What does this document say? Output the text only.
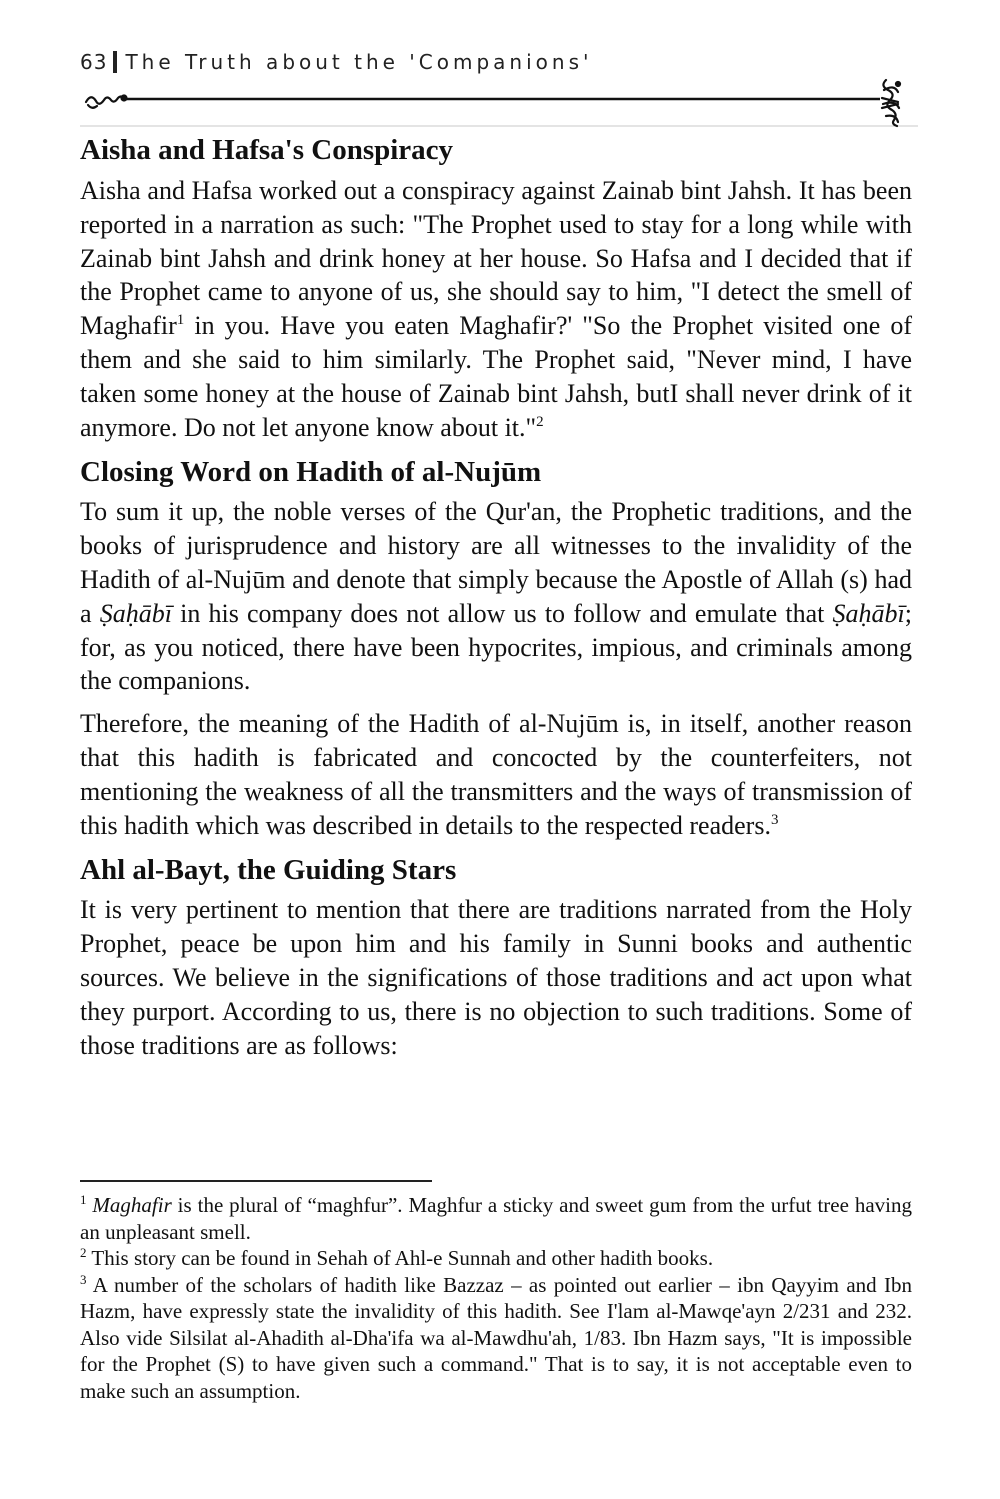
63 The Truth about the 'Companions'
Aisha and Hafsa's Conspiracy

Aisha and Hafsa worked out a conspiracy against Zainab bint Jahsh. It has been reported in a narration as such: "The Prophet used to stay for a long while with Zainab bint Jahsh and drink honey at her house. So Hafsa and I decided that if the Prophet came to anyone of us, she should say to him, "I detect the smell of Maghafir$^1$ in you. Have you eaten Maghafir?' "So the Prophet visited one of them and she said to him similarly. The Prophet said, "Never mind, I have taken some honey at the house of Zainab bint Jahsh, butI shall never drink of it anymore. Do not let anyone know about it."$^2$

Closing Word on Hadith of al-Nujūm

To sum it up, the noble verses of the Qur'an, the Prophetic traditions, and the books of jurisprudence and history are all witnesses to the invalidity of the Hadith of al-Nujūm and denote that simply because the Apostle of Allah (s) had a Ṣaḥābī in his company does not allow us to follow and emulate that Ṣaḥābī; for, as you noticed, there have been hypocrites, impious, and criminals among the companions.

Therefore, the meaning of the Hadith of al-Nujūm is, in itself, another reason that this hadith is fabricated and concocted by the counterfeiters, not mentioning the weakness of all the transmitters and the ways of transmission of this hadith which was described in details to the respected readers.$^3$

Ahl al-Bayt, the Guiding Stars

It is very pertinent to mention that there are traditions narrated from the Holy Prophet, peace be upon him and his family in Sunni books and authentic sources. We believe in the significations of those traditions and act upon what they purport. According to us, there is no objection to such traditions. Some of those traditions are as follows:

$^1$ Maghafir is the plural of “maghfur”. Maghfur a sticky and sweet gum from the urfut tree having an unpleasant smell.

$^2$ This story can be found in Sehah of Ahl-e Sunnah and other hadith books.

$^3$ A number of the scholars of hadith like Bazzaz – as pointed out earlier – ibn Qayyim and Ibn Hazm, have expressly state the invalidity of this hadith. See I'lam al-Mawqe'ayn 2/231 and 232. Also vide Silsilat al-Ahadith al-Dha'ifa wa al-Mawdhu'ah, 1/83. Ibn Hazm says, "It is impossible for the Prophet (S) to have given such a command." That is to say, it is not acceptable even to make such an assumption.
